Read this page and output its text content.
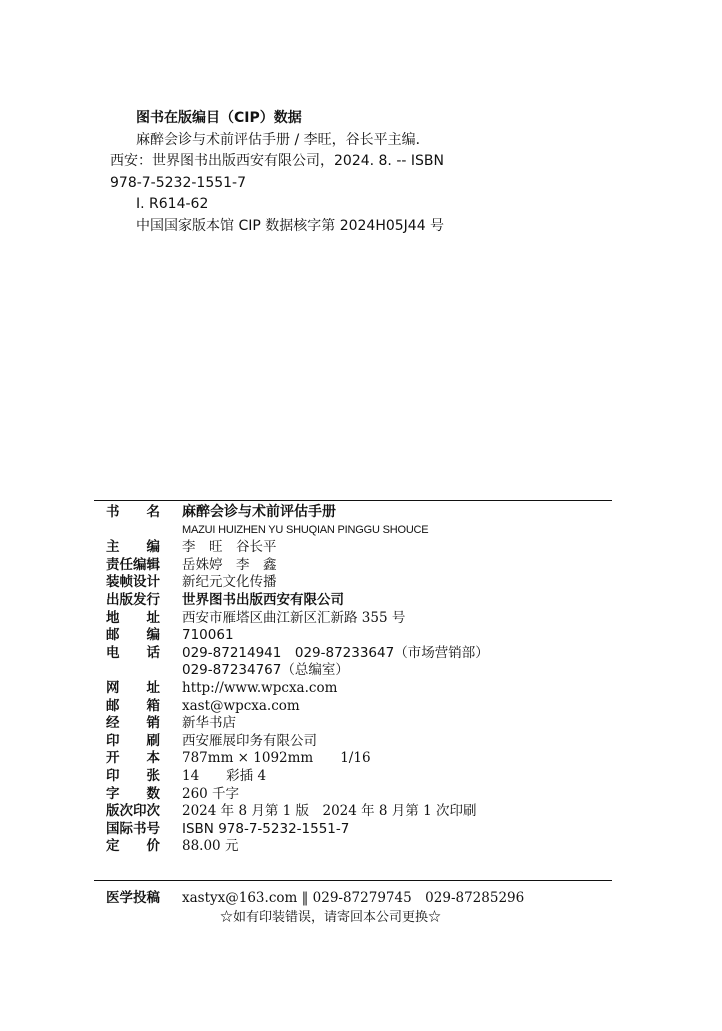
图书在版编目（CIP）数据
麻醉会诊与术前评估手册 / 李旺，谷长平主编．
西安：世界图书出版西安有限公司，2024. 8. -- ISBN
978-7-5232-1551-7
Ⅰ. R614-62
中国国家版本馆 CIP 数据核字第 2024H05J44 号
书　　名	麻醉会诊与术前评估手册
MAZUI HUIZHEN YU SHUQIAN PINGGU SHOUCE
主　　编	李　旺　谷长平
责任编辑	岳姝婷　李　鑫
装帧设计	新纪元文化传播
出版发行	世界图书出版西安有限公司
地　　址	西安市雁塔区曲江新区汇新路 355 号
邮　　编	710061
电　　话	029-87214941　029-87233647（市场营销部）
029-87234767（总编室）
网　　址	http://www.wpcxa.com
邮　　箱	xast@wpcxa.com
经　　销	新华书店
印　　刷	西安雁展印务有限公司
开　　本	787mm × 1092mm　　1/16
印　　张	14　　彩插 4
字　　数	260 千字
版次印次	2024 年 8 月第 1 版　2024 年 8 月第 1 次印刷
国际书号	ISBN 978-7-5232-1551-7
定　　价	88.00 元
医学投稿	xastyx@163.com ‖ 029-87279745　029-87285296
☆如有印装错误，请寄回本公司更换☆
